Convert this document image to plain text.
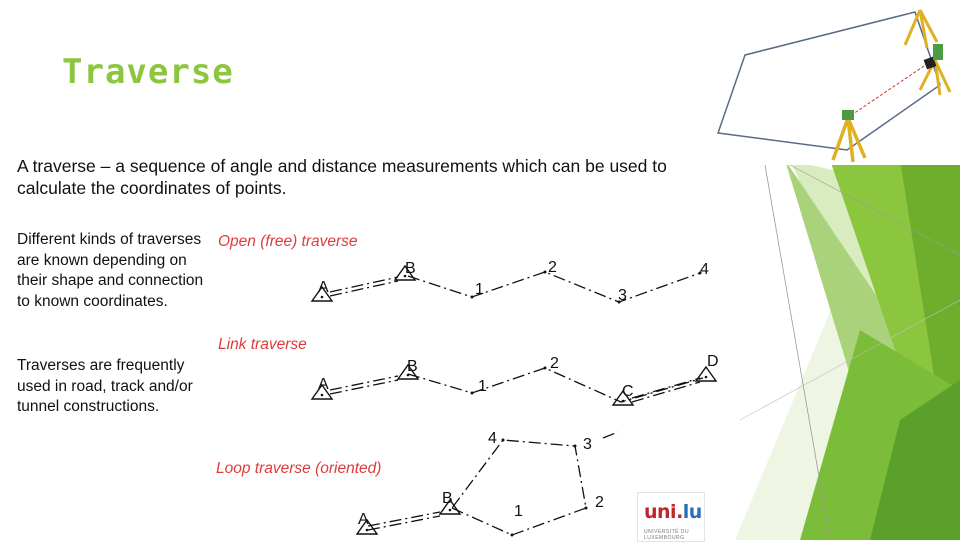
Traverse
A traverse – a sequence of angle and distance measurements which can be used to calculate the coordinates of points.
Different kinds of traverses are known depending on their shape and connection to known coordinates.
Traverses are frequently used in road, track and/or tunnel constructions.
Open (free) traverse
Link traverse
Loop traverse (oriented)
A
B
1
2
3
4
A
B
1
2
C
D
A
B
1
2
3
4
uni.lu
UNIVERSITÉ DU LUXEMBOURG
